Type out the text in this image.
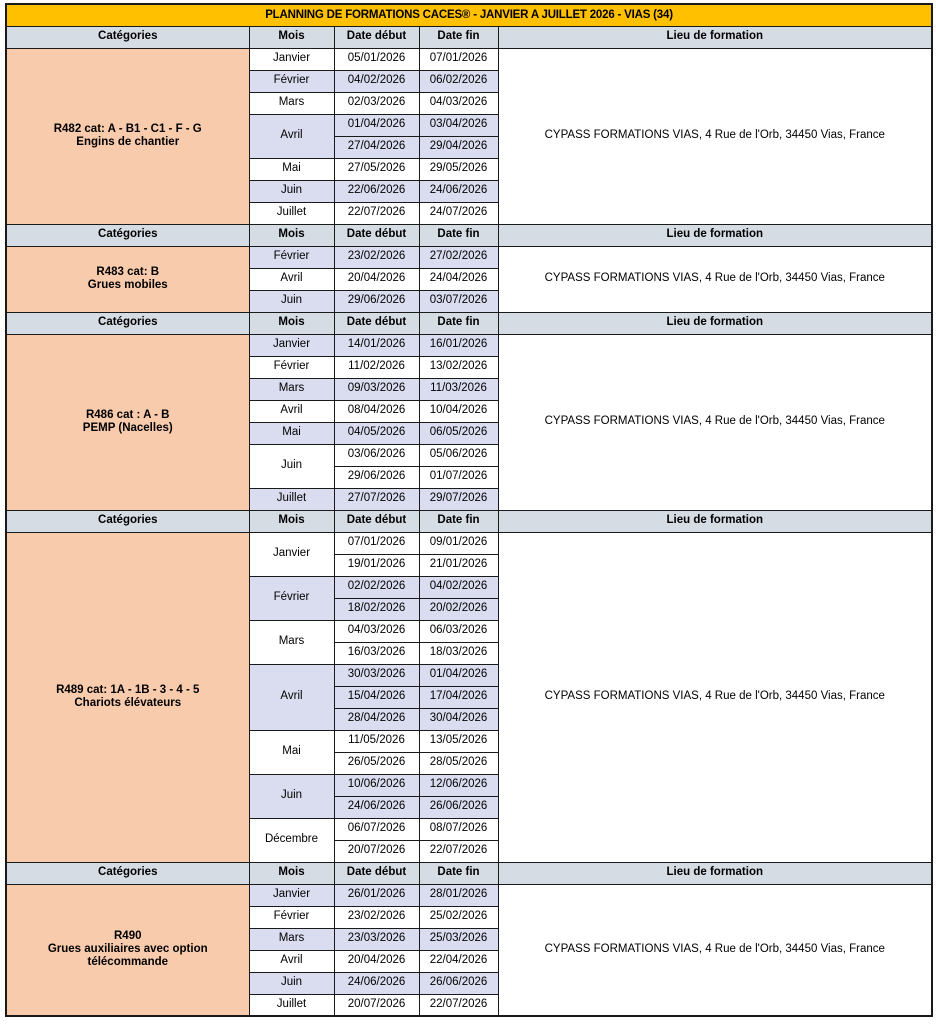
PLANNING DE FORMATIONS CACES® - JANVIER A JUILLET 2026 - VIAS (34)				
Catégories	Mois	Date début	Date fin	Lieu de formation

R482 cat: A - B1 - C1 - F - G
Engins de chantier	Janvier	05/01/2026	07/01/2026	CYPASS FORMATIONS VIAS, 4 Rue de l'Orb, 34450 Vias, France
	Février	04/02/2026	06/02/2026	
	Mars	02/03/2026	04/03/2026	
	Avril	01/04/2026	03/04/2026	
		27/04/2026	29/04/2026	
	Mai	27/05/2026	29/05/2026	
	Juin	22/06/2026	24/06/2026	
	Juillet	22/07/2026	24/07/2026	
Catégories	Mois	Date début	Date fin	Lieu de formation

R483 cat: B
Grues mobiles	Février	23/02/2026	27/02/2026	CYPASS FORMATIONS VIAS, 4 Rue de l'Orb, 34450 Vias, France
	Avril	20/04/2026	24/04/2026	
	Juin	29/06/2026	03/07/2026	
Catégories	Mois	Date début	Date fin	Lieu de formation

R486 cat : A - B
PEMP (Nacelles)	Janvier	14/01/2026	16/01/2026	CYPASS FORMATIONS VIAS, 4 Rue de l'Orb, 34450 Vias, France
	Février	11/02/2026	13/02/2026	
	Mars	09/03/2026	11/03/2026	
	Avril	08/04/2026	10/04/2026	
	Mai	04/05/2026	06/05/2026	
	Juin	03/06/2026	05/06/2026	
		29/06/2026	01/07/2026	
	Juillet	27/07/2026	29/07/2026	
Catégories	Mois	Date début	Date fin	Lieu de formation

R489 cat: 1A - 1B - 3 - 4 - 5
Chariots élévateurs	Janvier	07/01/2026	09/01/2026	CYPASS FORMATIONS VIAS, 4 Rue de l'Orb, 34450 Vias, France
		19/01/2026	21/01/2026	
	Février	02/02/2026	04/02/2026	
		18/02/2026	20/02/2026	
	Mars	04/03/2026	06/03/2026	
		16/03/2026	18/03/2026	
	Avril	30/03/2026	01/04/2026	
		15/04/2026	17/04/2026	
		28/04/2026	30/04/2026	
	Mai	11/05/2026	13/05/2026	
		26/05/2026	28/05/2026	
	Juin	10/06/2026	12/06/2026	
		24/06/2026	26/06/2026	
	Décembre	06/07/2026	08/07/2026	
		20/07/2026	22/07/2026	
Catégories	Mois	Date début	Date fin	Lieu de formation

R490
Grues auxiliaires avec option télécommande	Janvier	26/01/2026	28/01/2026	CYPASS FORMATIONS VIAS, 4 Rue de l'Orb, 34450 Vias, France
	Février	23/02/2026	25/02/2026	
	Mars	23/03/2026	25/03/2026	
	Avril	20/04/2026	22/04/2026	
	Juin	24/06/2026	26/06/2026	
	Juillet	20/07/2026	22/07/2026	
